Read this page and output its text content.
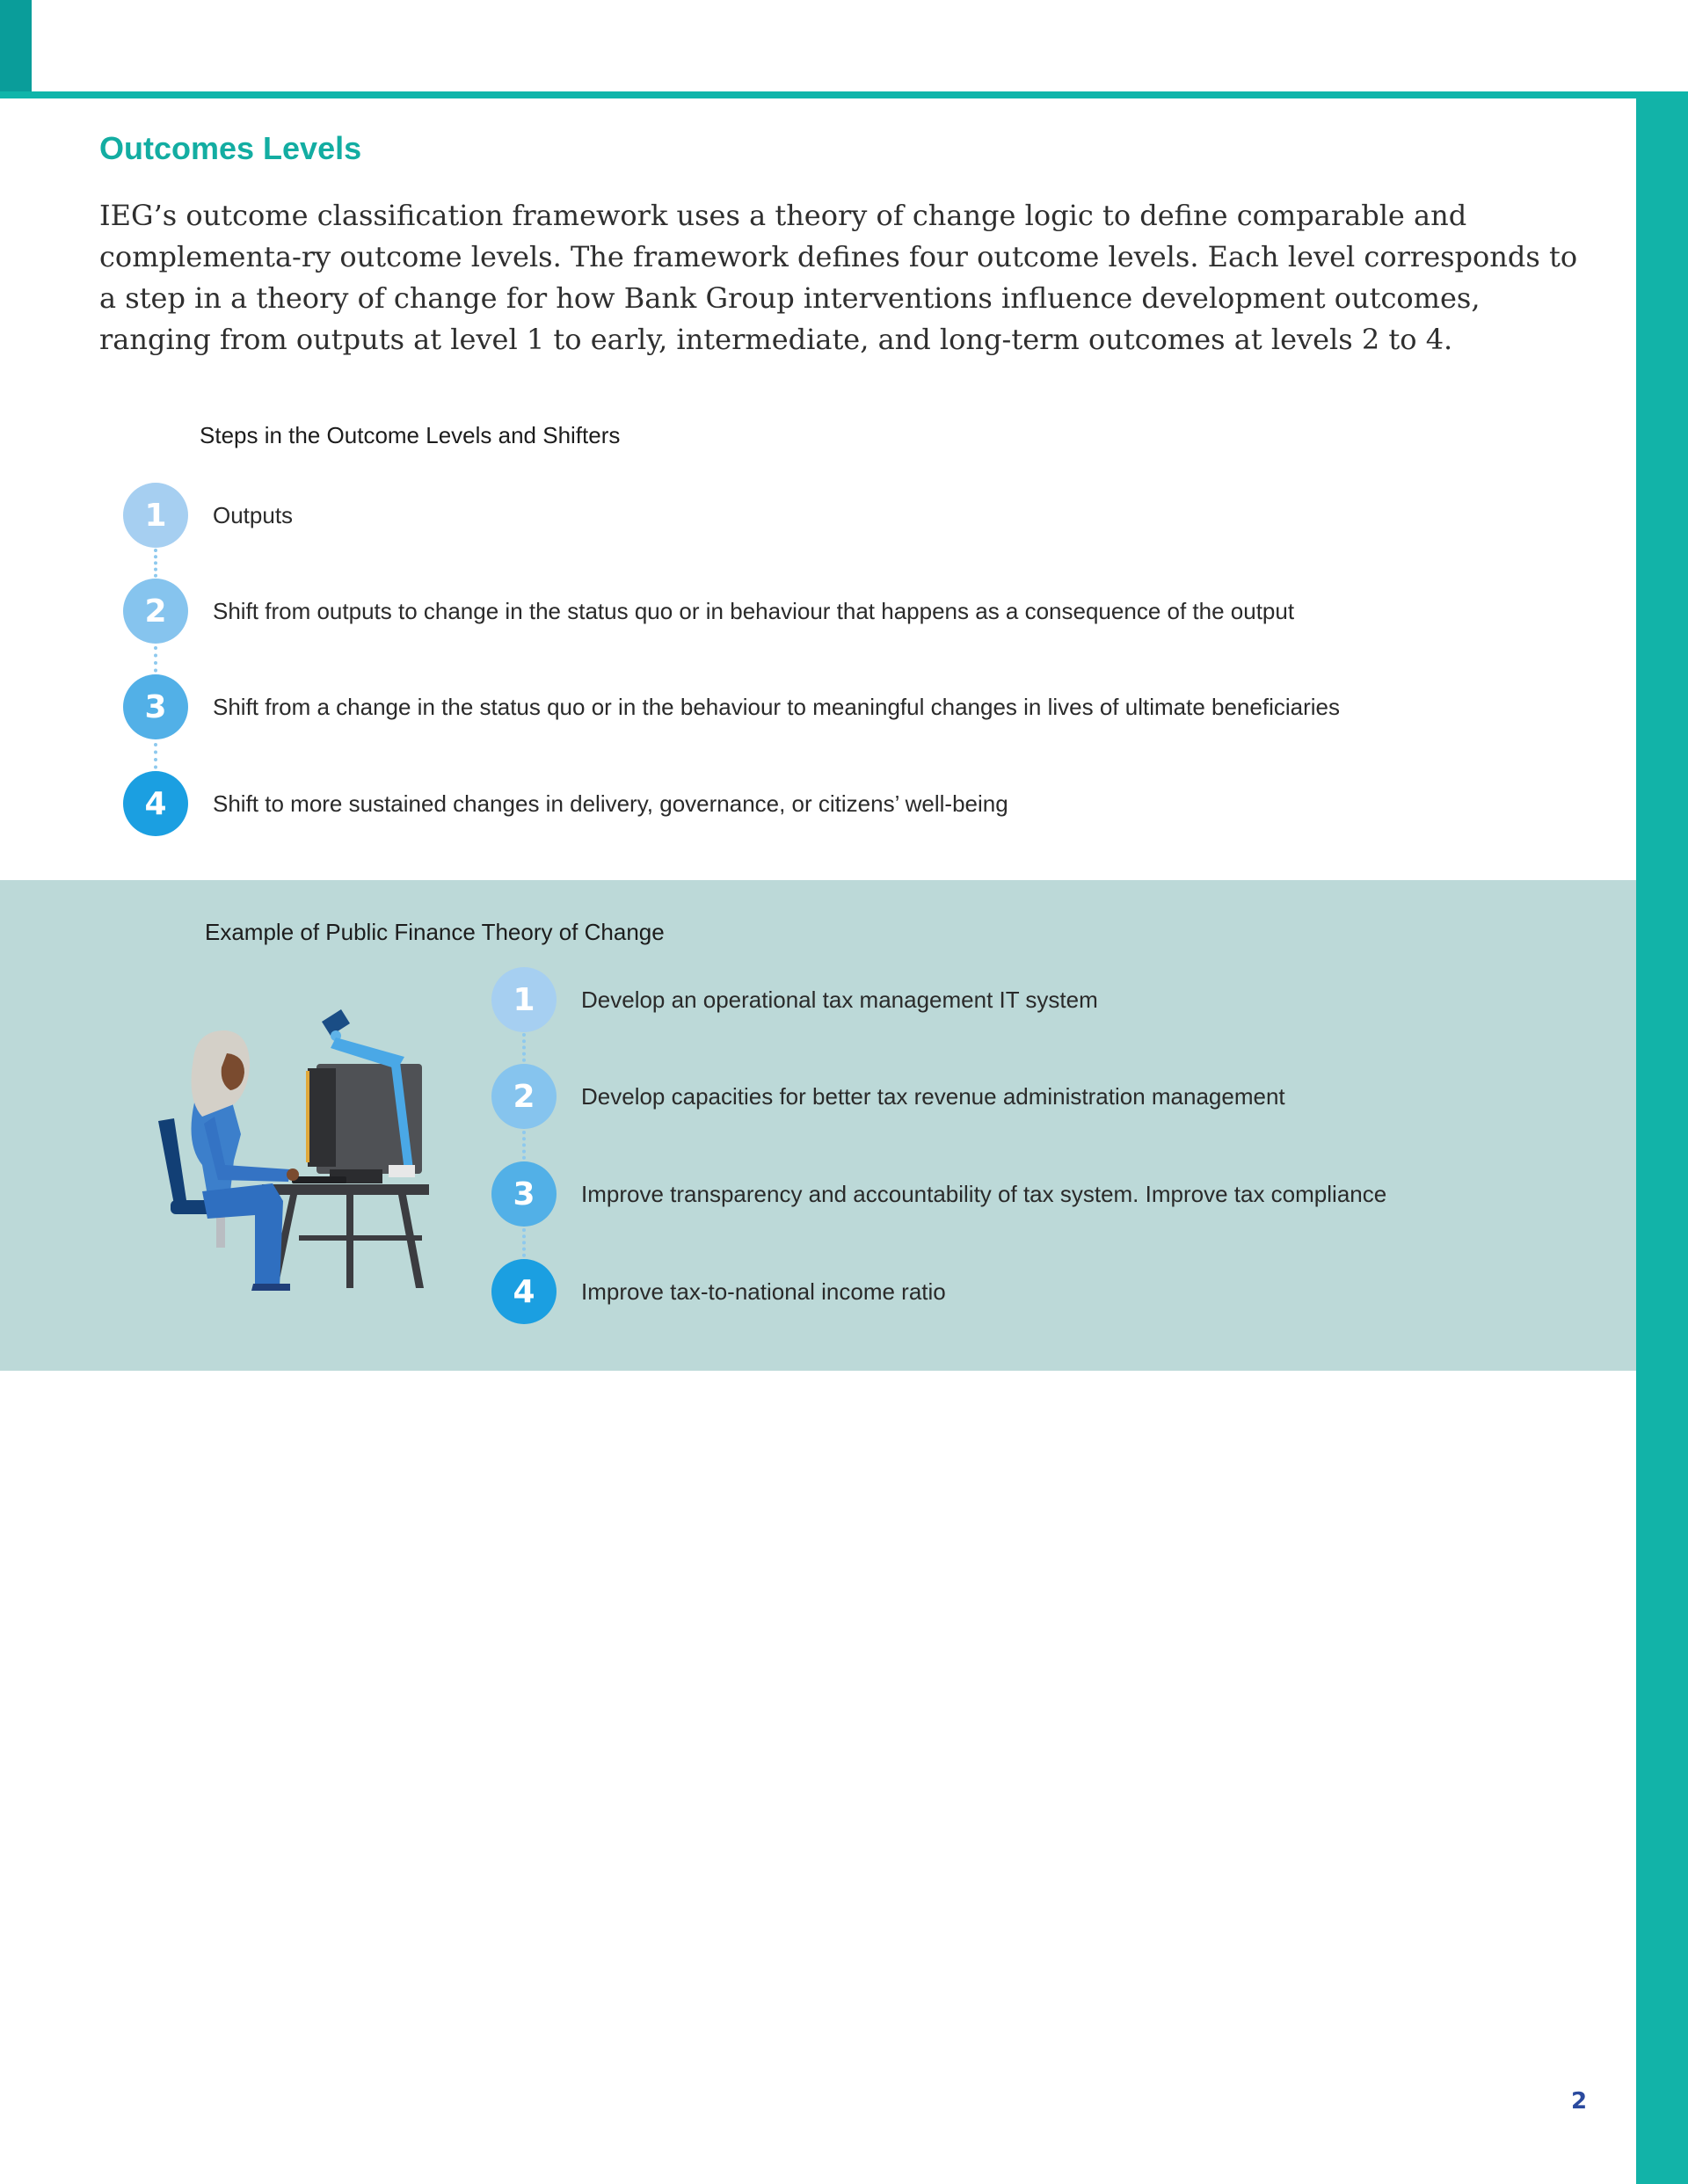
Outcomes Levels

IEG’s outcome classification framework uses a theory of change logic to define comparable and complementa-ry outcome levels. The framework defines four outcome levels. Each level corresponds to a step in a theory of change for how Bank Group interventions influence development outcomes, ranging from outputs at level 1 to early, intermediate, and long-term outcomes at levels 2 to 4.

Steps in the Outcome Levels and Shifters
1	Outputs
2	Shift from outputs to change in the status quo or in behaviour that happens as a consequence of the output
3	Shift from a change in the status quo or in the behaviour to meaningful changes in lives of ultimate beneficiaries
4	Shift to more sustained changes in delivery, governance, or citizens’ well-being
Example of Public Finance Theory of Change
1	Develop an operational tax management IT system
2	Develop capacities for better tax revenue administration management
3	Improve transparency and accountability of tax system. Improve tax compliance
4	Improve tax-to-national income ratio
2
